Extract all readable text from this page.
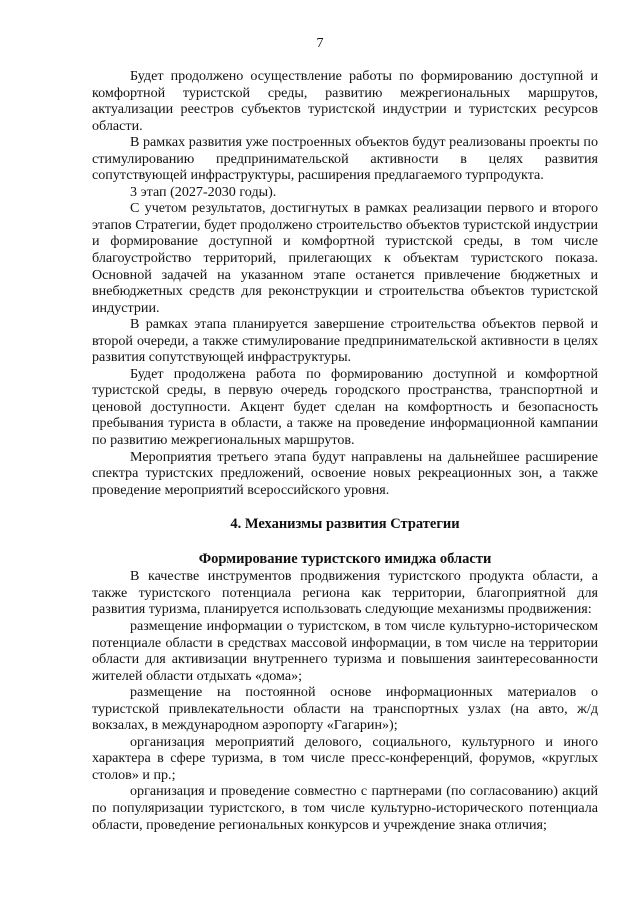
7

Будет продолжено осуществление работы по формированию доступной и комфортной туристской среды, развитию межрегиональных маршрутов, актуализации реестров субъектов туристской индустрии и туристских ресурсов области.

В рамках развития уже построенных объектов будут реализованы проекты по стимулированию предпринимательской активности в целях развития сопутствующей инфраструктуры, расширения предлагаемого турпродукта.

3 этап (2027-2030 годы).

С учетом результатов, достигнутых в рамках реализации первого и второго этапов Стратегии, будет продолжено строительство объектов туристской индустрии и формирование доступной и комфортной туристской среды, в том числе благоустройство территорий, прилегающих к объектам туристского показа. Основной задачей на указанном этапе останется привлечение бюджетных и внебюджетных средств для реконструкции и строительства объектов туристской индустрии.

В рамках этапа планируется завершение строительства объектов первой и второй очереди, а также стимулирование предпринимательской активности в целях развития сопутствующей инфраструктуры.

Будет продолжена работа по формированию доступной и комфортной туристской среды, в первую очередь городского пространства, транспортной и ценовой доступности. Акцент будет сделан на комфортность и безопасность пребывания туриста в области, а также на проведение информационной кампании по развитию межрегиональных маршрутов.

Мероприятия третьего этапа будут направлены на дальнейшее расширение спектра туристских предложений, освоение новых рекреационных зон, а также проведение мероприятий всероссийского уровня.

4. Механизмы развития Стратегии
Формирование туристского имиджа области

В качестве инструментов продвижения туристского продукта области, а также туристского потенциала региона как территории, благоприятной для развития туризма, планируется использовать следующие механизмы продвижения:

размещение информации о туристском, в том числе культурно-историческом потенциале области в средствах массовой информации, в том числе на территории области для активизации внутреннего туризма и повышения заинтересованности жителей области отдыхать «дома»;

размещение на постоянной основе информационных материалов о туристской привлекательности области на транспортных узлах (на авто, ж/д вокзалах, в международном аэропорту «Гагарин»);

организация мероприятий делового, социального, культурного и иного характера в сфере туризма, в том числе пресс-конференций, форумов, «круглых столов» и пр.;

организация и проведение совместно с партнерами (по согласованию) акций по популяризации туристского, в том числе культурно-исторического потенциала области, проведение региональных конкурсов и учреждение знака отличия;
